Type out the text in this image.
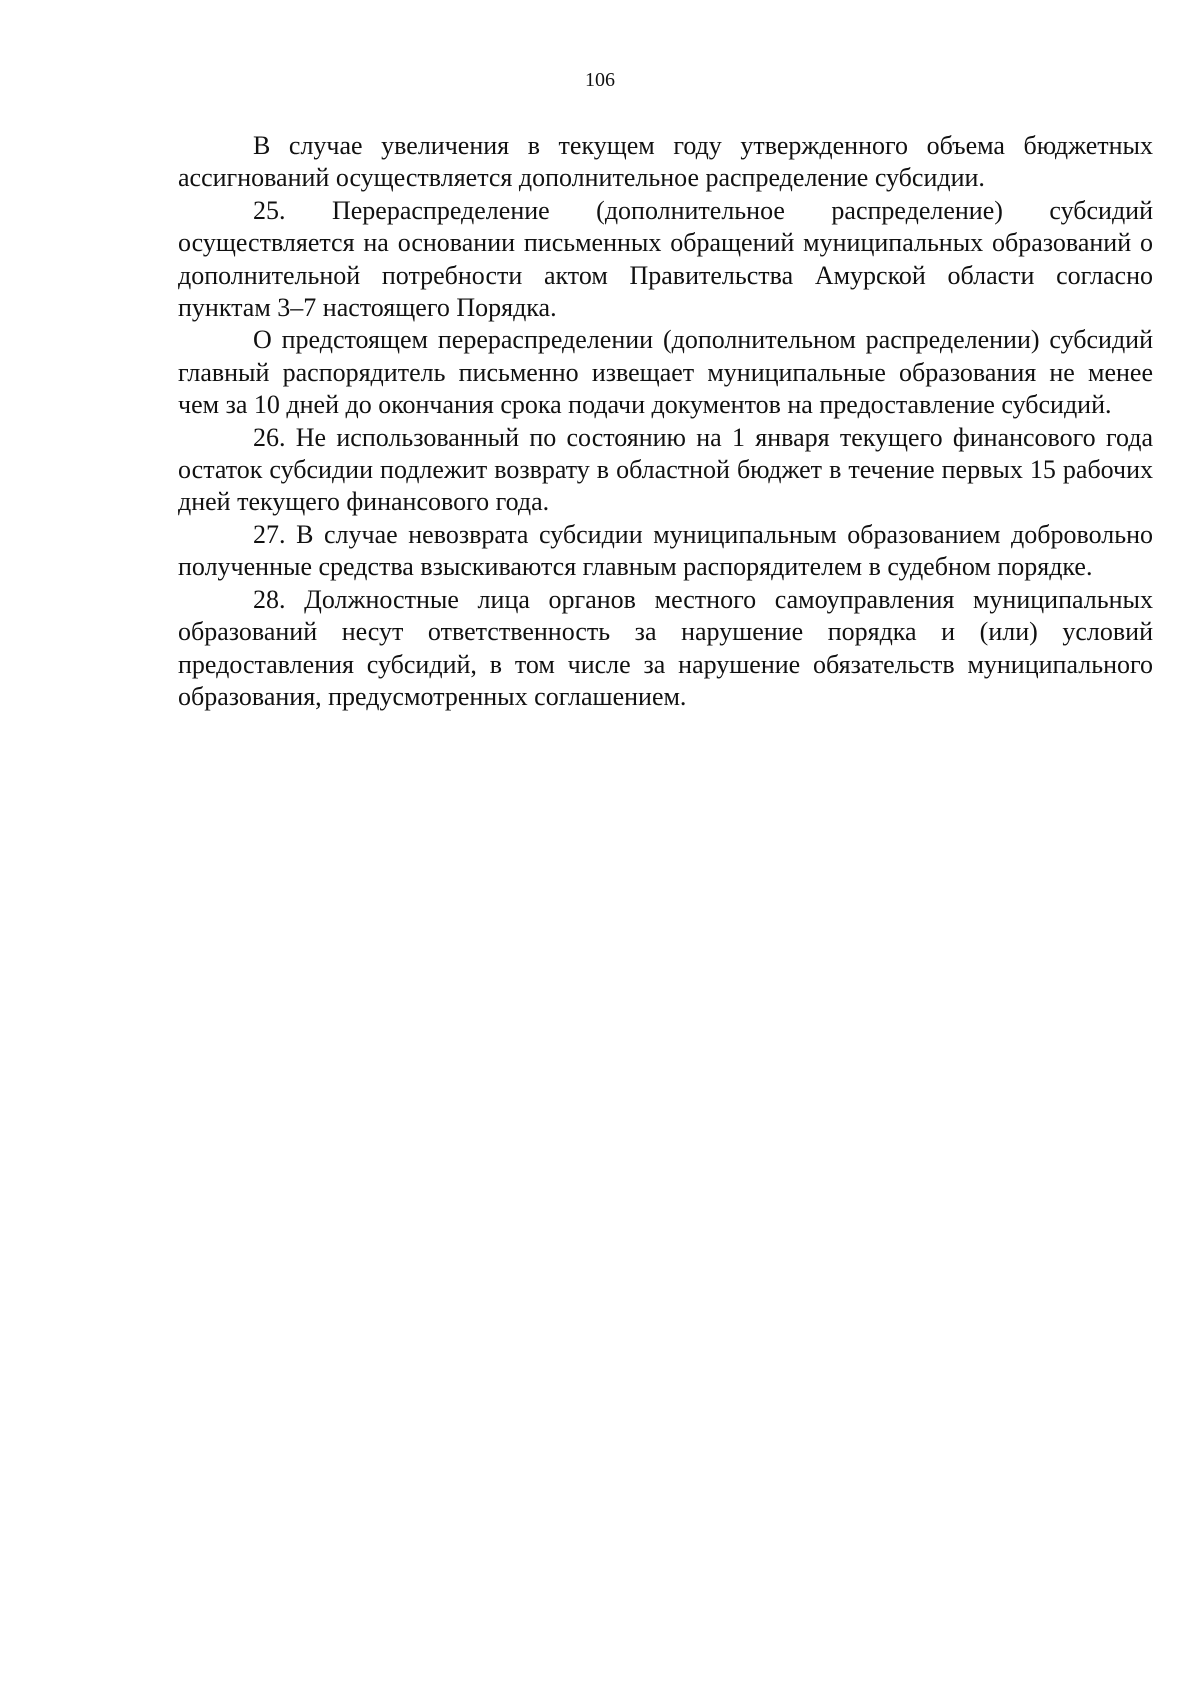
106

В случае увеличения в текущем году утвержденного объема бюджетных ассигнований осуществляется дополнительное распределение субсидии.

25. Перераспределение (дополнительное распределение) субсидий осуществляется на основании письменных обращений муниципальных образований о дополнительной потребности актом Правительства Амурской области согласно пунктам 3–7 настоящего Порядка.

О предстоящем перераспределении (дополнительном распределении) субсидий главный распорядитель письменно извещает муниципальные образования не менее чем за 10 дней до окончания срока подачи документов на предоставление субсидий.

26. Не использованный по состоянию на 1 января текущего финансового года остаток субсидии подлежит возврату в областной бюджет в течение первых 15 рабочих дней текущего финансового года.

27. В случае невозврата субсидии муниципальным образованием добровольно полученные средства взыскиваются главным распорядителем в судебном порядке.

28. Должностные лица органов местного самоуправления муниципальных образований несут ответственность за нарушение порядка и (или) условий предоставления субсидий, в том числе за нарушение обязательств муниципального образования, предусмотренных соглашением.
